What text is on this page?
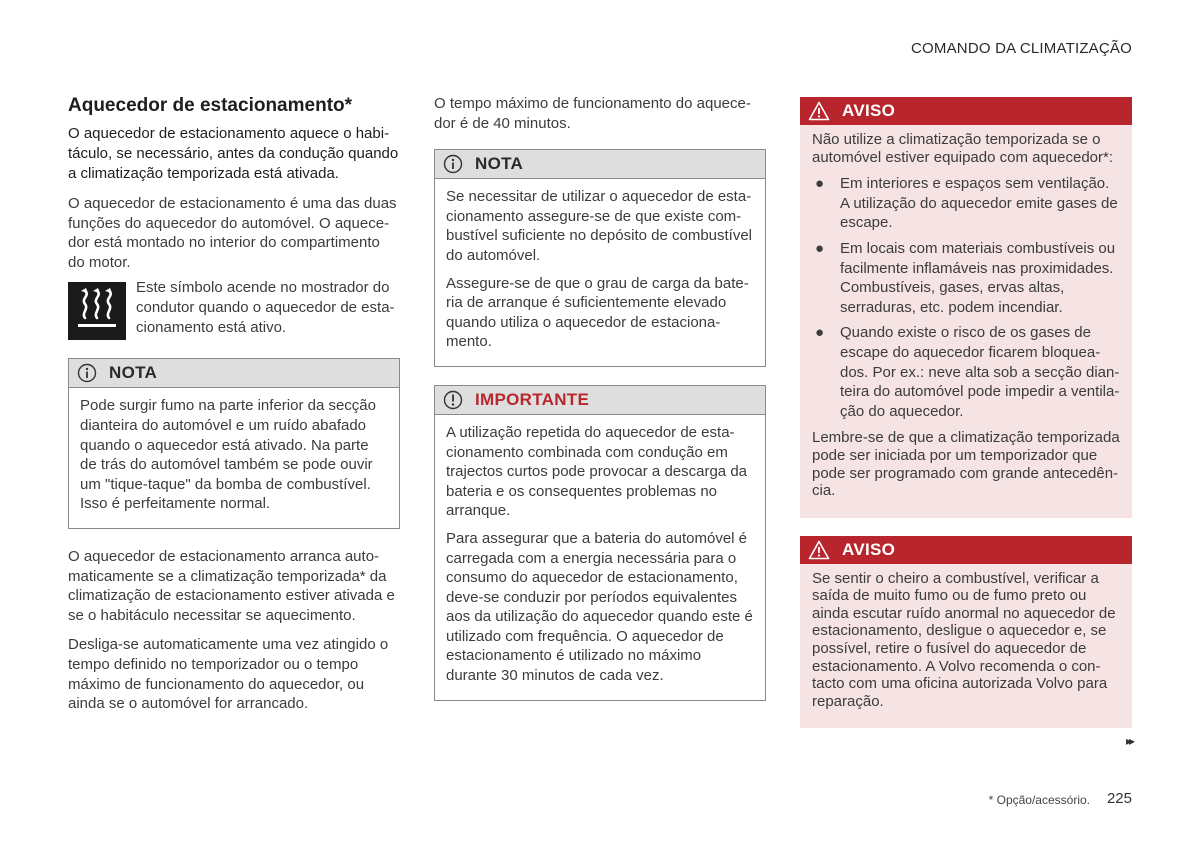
COMANDO DA CLIMATIZAÇÃO
Aquecedor de estacionamento*
O aquecedor de estacionamento aquece o habitáculo, se necessário, antes da condução quando a climatização temporizada está ativada.

O aquecedor de estacionamento é uma das duas funções do aquecedor do automóvel. O aquecedor está montado no interior do compartimento do motor.

Este símbolo acende no mostrador do condutor quando o aquecedor de estacionamento está ativo.
NOTA

Pode surgir fumo na parte inferior da secção dianteira do automóvel e um ruído abafado quando o aquecedor está ativado. Na parte de trás do automóvel também se pode ouvir um "tique-taque" da bomba de combustível. Isso é perfeitamente normal.

O aquecedor de estacionamento arranca automaticamente se a climatização temporizada* da climatização de estacionamento estiver ativada e se o habitáculo necessitar se aquecimento.

Desliga-se automaticamente uma vez atingido o tempo definido no temporizador ou o tempo máximo de funcionamento do aquecedor, ou ainda se o automóvel for arrancado.

O tempo máximo de funcionamento do aquecedor é de 40 minutos.

NOTA

Se necessitar de utilizar o aquecedor de estacionamento assegure-se de que existe combustível suficiente no depósito de combustível do automóvel.

Assegure-se de que o grau de carga da bateria de arranque é suficientemente elevado quando utiliza o aquecedor de estacionamento.

IMPORTANTE

A utilização repetida do aquecedor de estacionamento combinada com condução em trajectos curtos pode provocar a descarga da bateria e os consequentes problemas no arranque.

Para assegurar que a bateria do automóvel é carregada com a energia necessária para o consumo do aquecedor de estacionamento, deve-se conduzir por períodos equivalentes aos da utilização do aquecedor quando este é utilizado com frequência. O aquecedor de estacionamento é utilizado no máximo durante 30 minutos de cada vez.

AVISO

Não utilize a climatização temporizada se o automóvel estiver equipado com aquecedor*:

● Em interiores e espaços sem ventilação. A utilização do aquecedor emite gases de escape.
● Em locais com materiais combustíveis ou facilmente inflamáveis nas proximidades. Combustíveis, gases, ervas altas, serraduras, etc. podem incendiar.
● Quando existe o risco de os gases de escape do aquecedor ficarem bloqueados. Por ex.: neve alta sob a secção dianteira do automóvel pode impedir a ventilação do aquecedor.

Lembre-se de que a climatização temporizada pode ser iniciada por um temporizador que pode ser programado com grande antecedência.

AVISO

Se sentir o cheiro a combustível, verificar a saída de muito fumo ou de fumo preto ou ainda escutar ruído anormal no aquecedor de estacionamento, desligue o aquecedor e, se possível, retire o fusível do aquecedor de estacionamento. A Volvo recomenda o contacto com uma oficina autorizada Volvo para reparação.

▸▸
* Opção/acessório. 225
